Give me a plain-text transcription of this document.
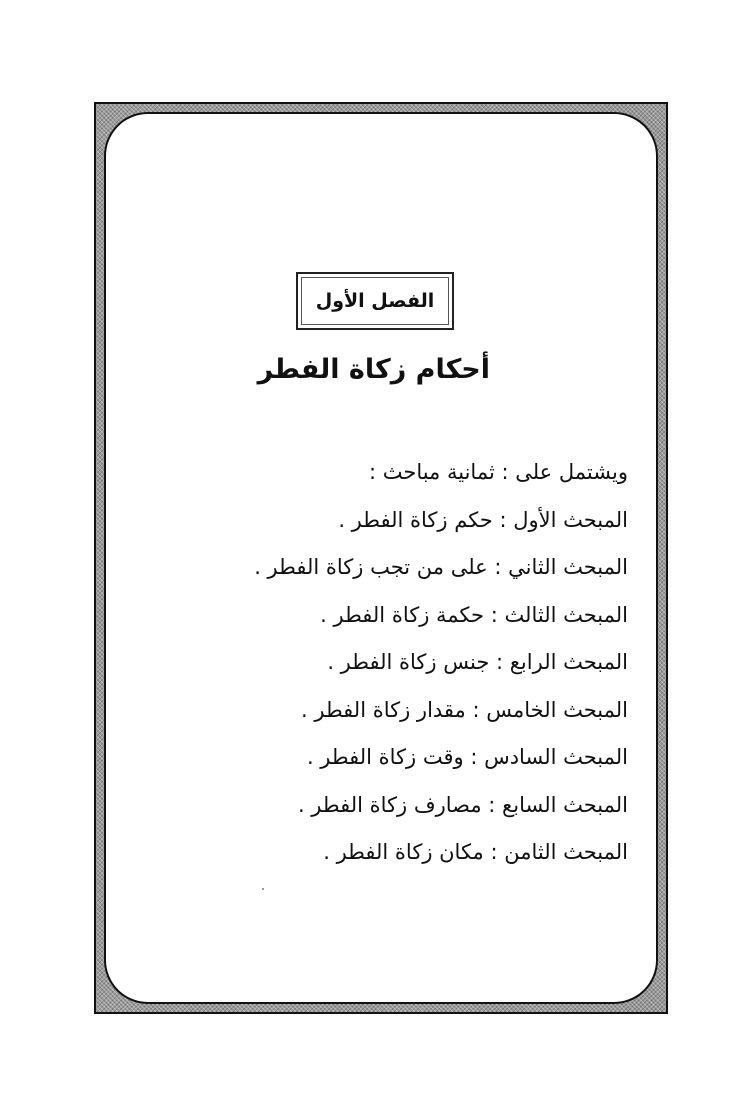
الفصل الأول
أحكام زكاة الفطر
ويشتمل على : ثمانية مباحث :
المبحث الأول : حكم زكاة الفطر .
المبحث الثاني : على من تجب زكاة الفطر .
المبحث الثالث : حكمة زكاة الفطر .
المبحث الرابع : جنس زكاة الفطر .
المبحث الخامس : مقدار زكاة الفطر .
المبحث السادس : وقت زكاة الفطر .
المبحث السابع : مصارف زكاة الفطر .
المبحث الثامن : مكان زكاة الفطر .
